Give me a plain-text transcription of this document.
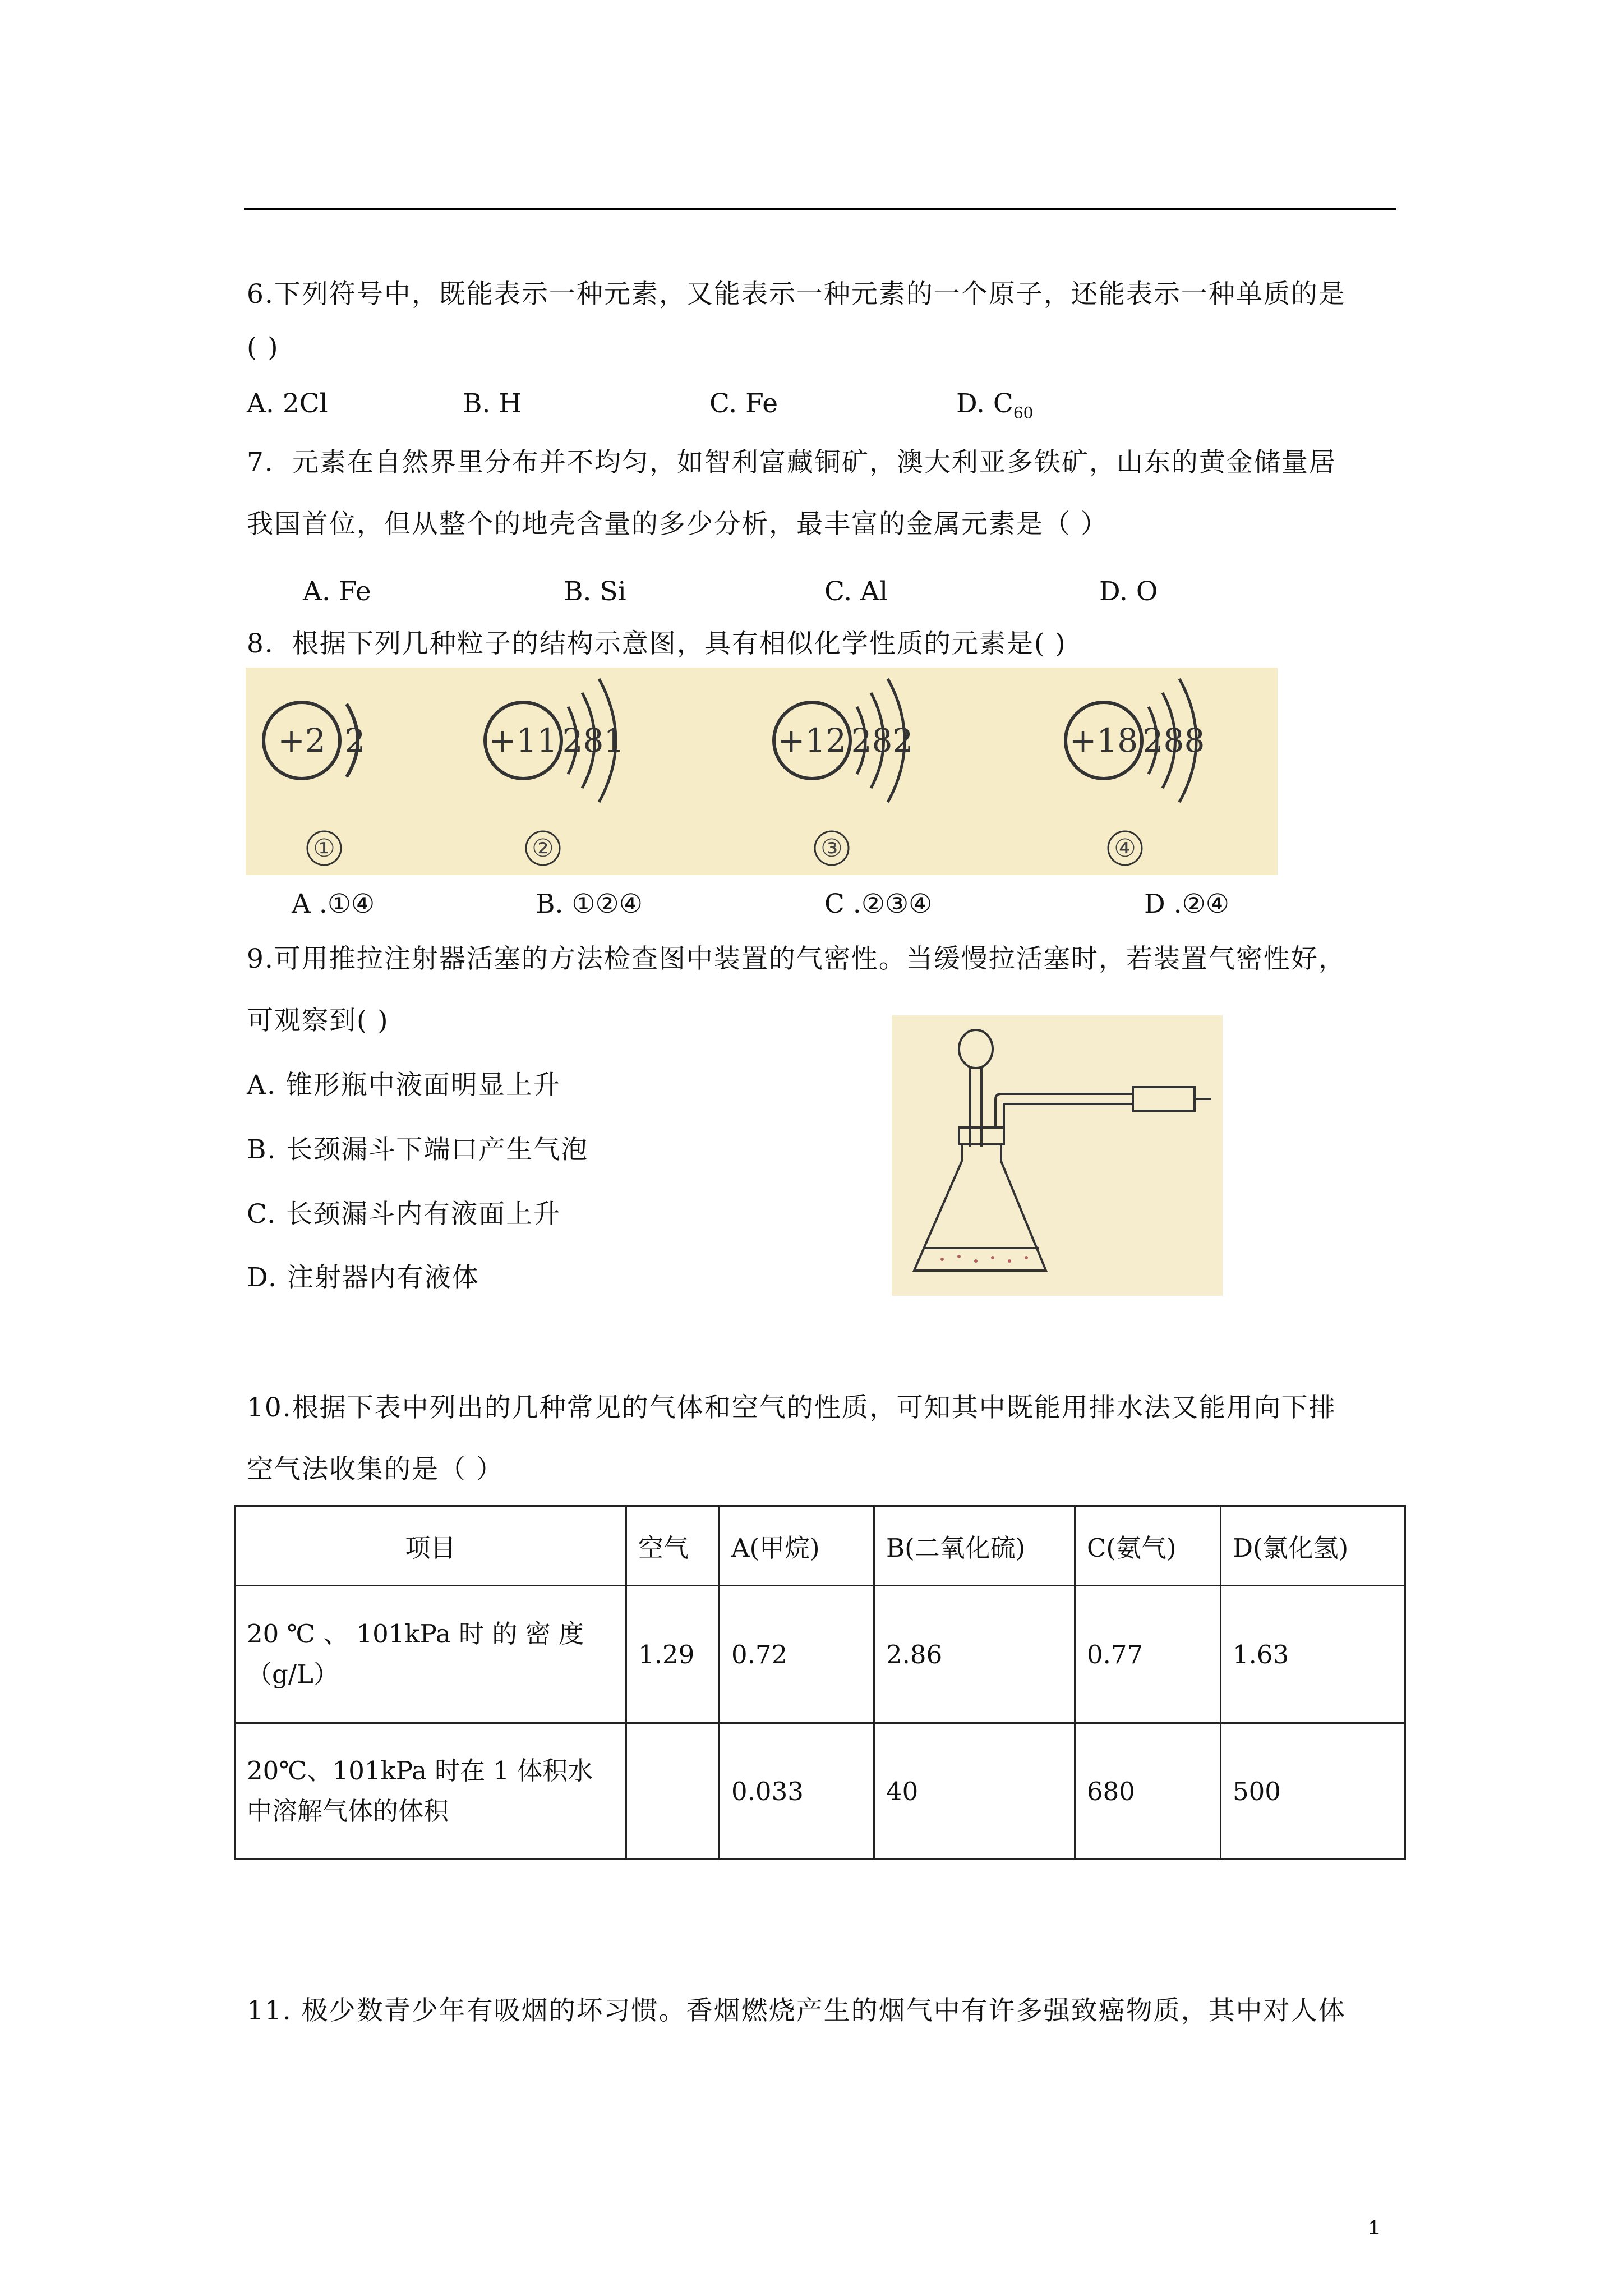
6.下列符号中，既能表示一种元素，又能表示一种元素的一个原子，还能表示一种单质的是
( )
A. 2Cl	B. H	C. Fe	D. $C_{60}$
7．元素在自然界里分布并不均匀，如智利富藏铜矿，澳大利亚多铁矿，山东的黄金储量居
我国首位，但从整个的地壳含量的多少分析，最丰富的金属元素是（ ）
A. Fe	B. Si	C. Al	D. O
8．根据下列几种粒子的结构示意图，具有相似化学性质的元素是( )
+2 2	+11 281	+12 282	+18 288
①	②	③	④
A .①④	B. ①②④	C .②③④	D .②④
9.可用推拉注射器活塞的方法检查图中装置的气密性。当缓慢拉活塞时，若装置气密性好，
可观察到( )
A. 锥形瓶中液面明显上升
B. 长颈漏斗下端口产生气泡
C. 长颈漏斗内有液面上升
D. 注射器内有液体
10.根据下表中列出的几种常见的气体和空气的性质，可知其中既能用排水法又能用向下排
空气法收集的是（ ）
项目	空气	A(甲烷)	B(二氧化硫)	C(氨气)	D(氯化氢)

20 ℃ 、 101kPa 时 的 密 度
（g/L）	1.29	0.72	2.86	0.77	1.63

20℃、101kPa 时在 1 体积水
中溶解气体的体积		0.033	40	680	500
11. 极少数青少年有吸烟的坏习惯。香烟燃烧产生的烟气中有许多强致癌物质，其中对人体
1
